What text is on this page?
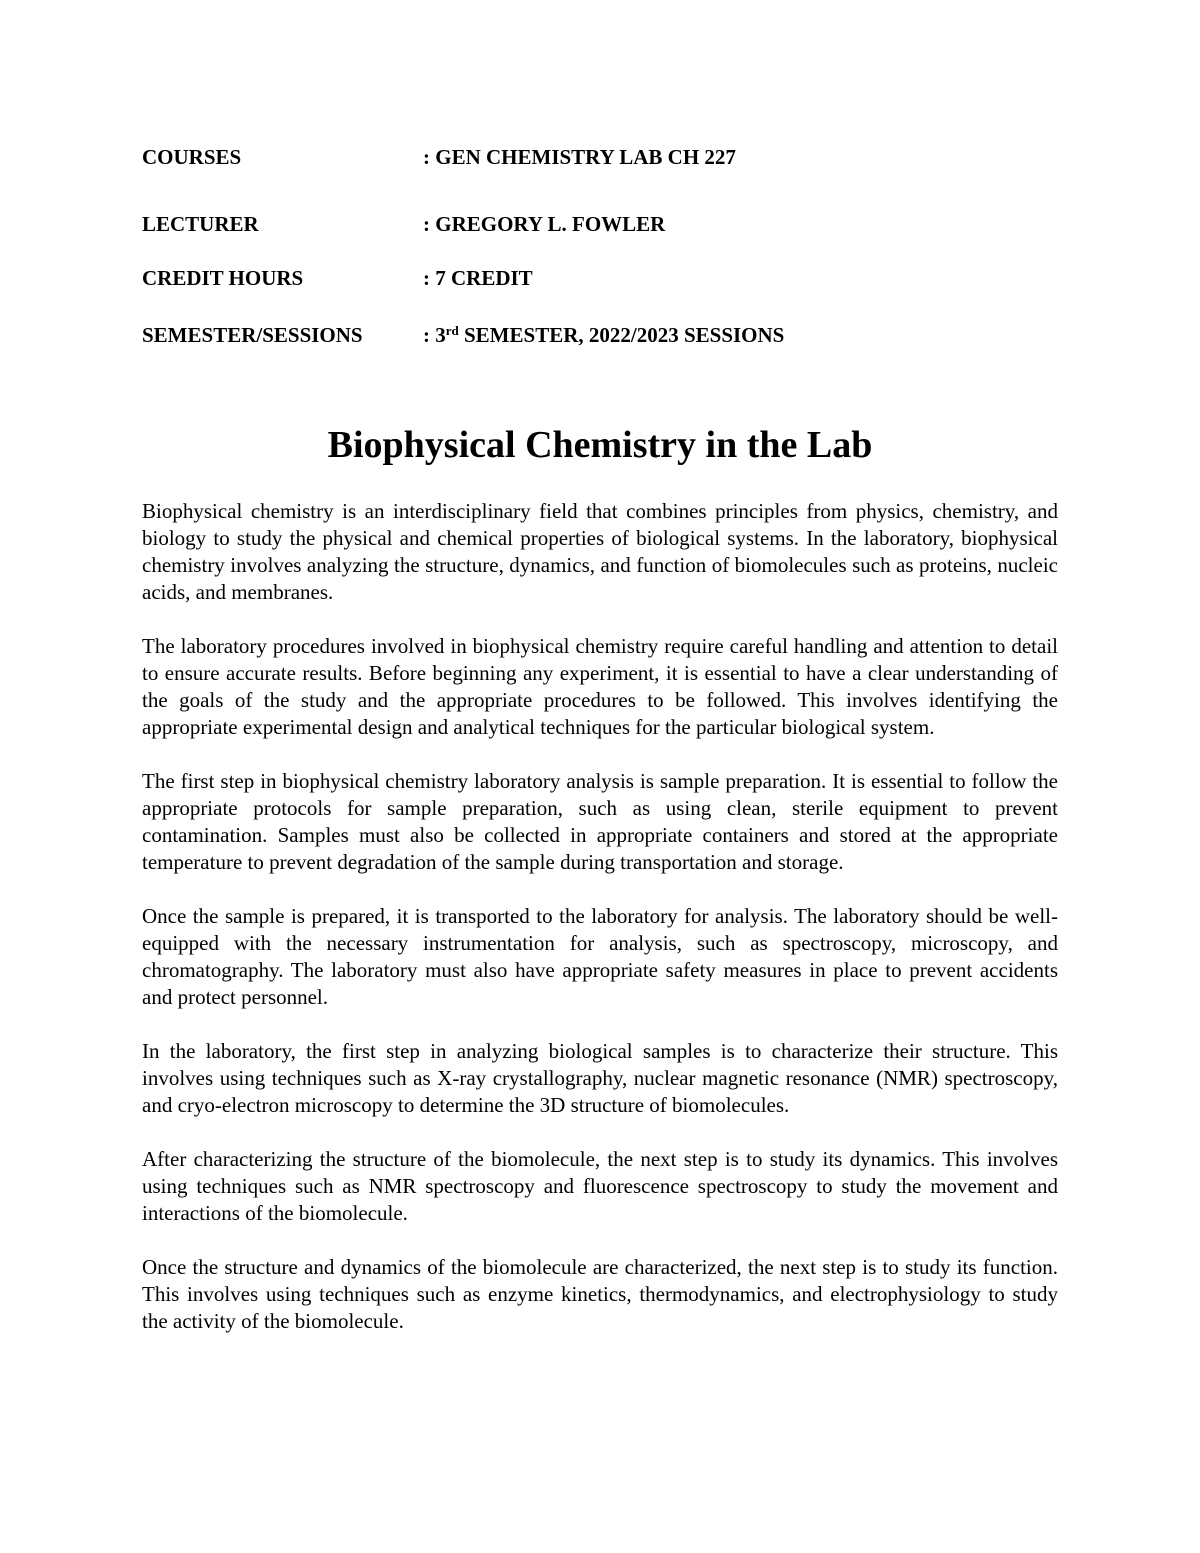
COURSES	: GEN CHEMISTRY LAB CH 227
LECTURER	: GREGORY L. FOWLER
CREDIT HOURS	: 7 CREDIT
SEMESTER/SESSIONS	: 3rd SEMESTER, 2022/2023 SESSIONS
Biophysical Chemistry in the Lab

Biophysical chemistry is an interdisciplinary field that combines principles from physics, chemistry, and biology to study the physical and chemical properties of biological systems. In the laboratory, biophysical chemistry involves analyzing the structure, dynamics, and function of biomolecules such as proteins, nucleic acids, and membranes.

The laboratory procedures involved in biophysical chemistry require careful handling and attention to detail to ensure accurate results. Before beginning any experiment, it is essential to have a clear understanding of the goals of the study and the appropriate procedures to be followed. This involves identifying the appropriate experimental design and analytical techniques for the particular biological system.

The first step in biophysical chemistry laboratory analysis is sample preparation. It is essential to follow the appropriate protocols for sample preparation, such as using clean, sterile equipment to prevent contamination. Samples must also be collected in appropriate containers and stored at the appropriate temperature to prevent degradation of the sample during transportation and storage.

Once the sample is prepared, it is transported to the laboratory for analysis. The laboratory should be well-equipped with the necessary instrumentation for analysis, such as spectroscopy, microscopy, and chromatography. The laboratory must also have appropriate safety measures in place to prevent accidents and protect personnel.

In the laboratory, the first step in analyzing biological samples is to characterize their structure. This involves using techniques such as X-ray crystallography, nuclear magnetic resonance (NMR) spectroscopy, and cryo-electron microscopy to determine the 3D structure of biomolecules.

After characterizing the structure of the biomolecule, the next step is to study its dynamics. This involves using techniques such as NMR spectroscopy and fluorescence spectroscopy to study the movement and interactions of the biomolecule.

Once the structure and dynamics of the biomolecule are characterized, the next step is to study its function. This involves using techniques such as enzyme kinetics, thermodynamics, and electrophysiology to study the activity of the biomolecule.
